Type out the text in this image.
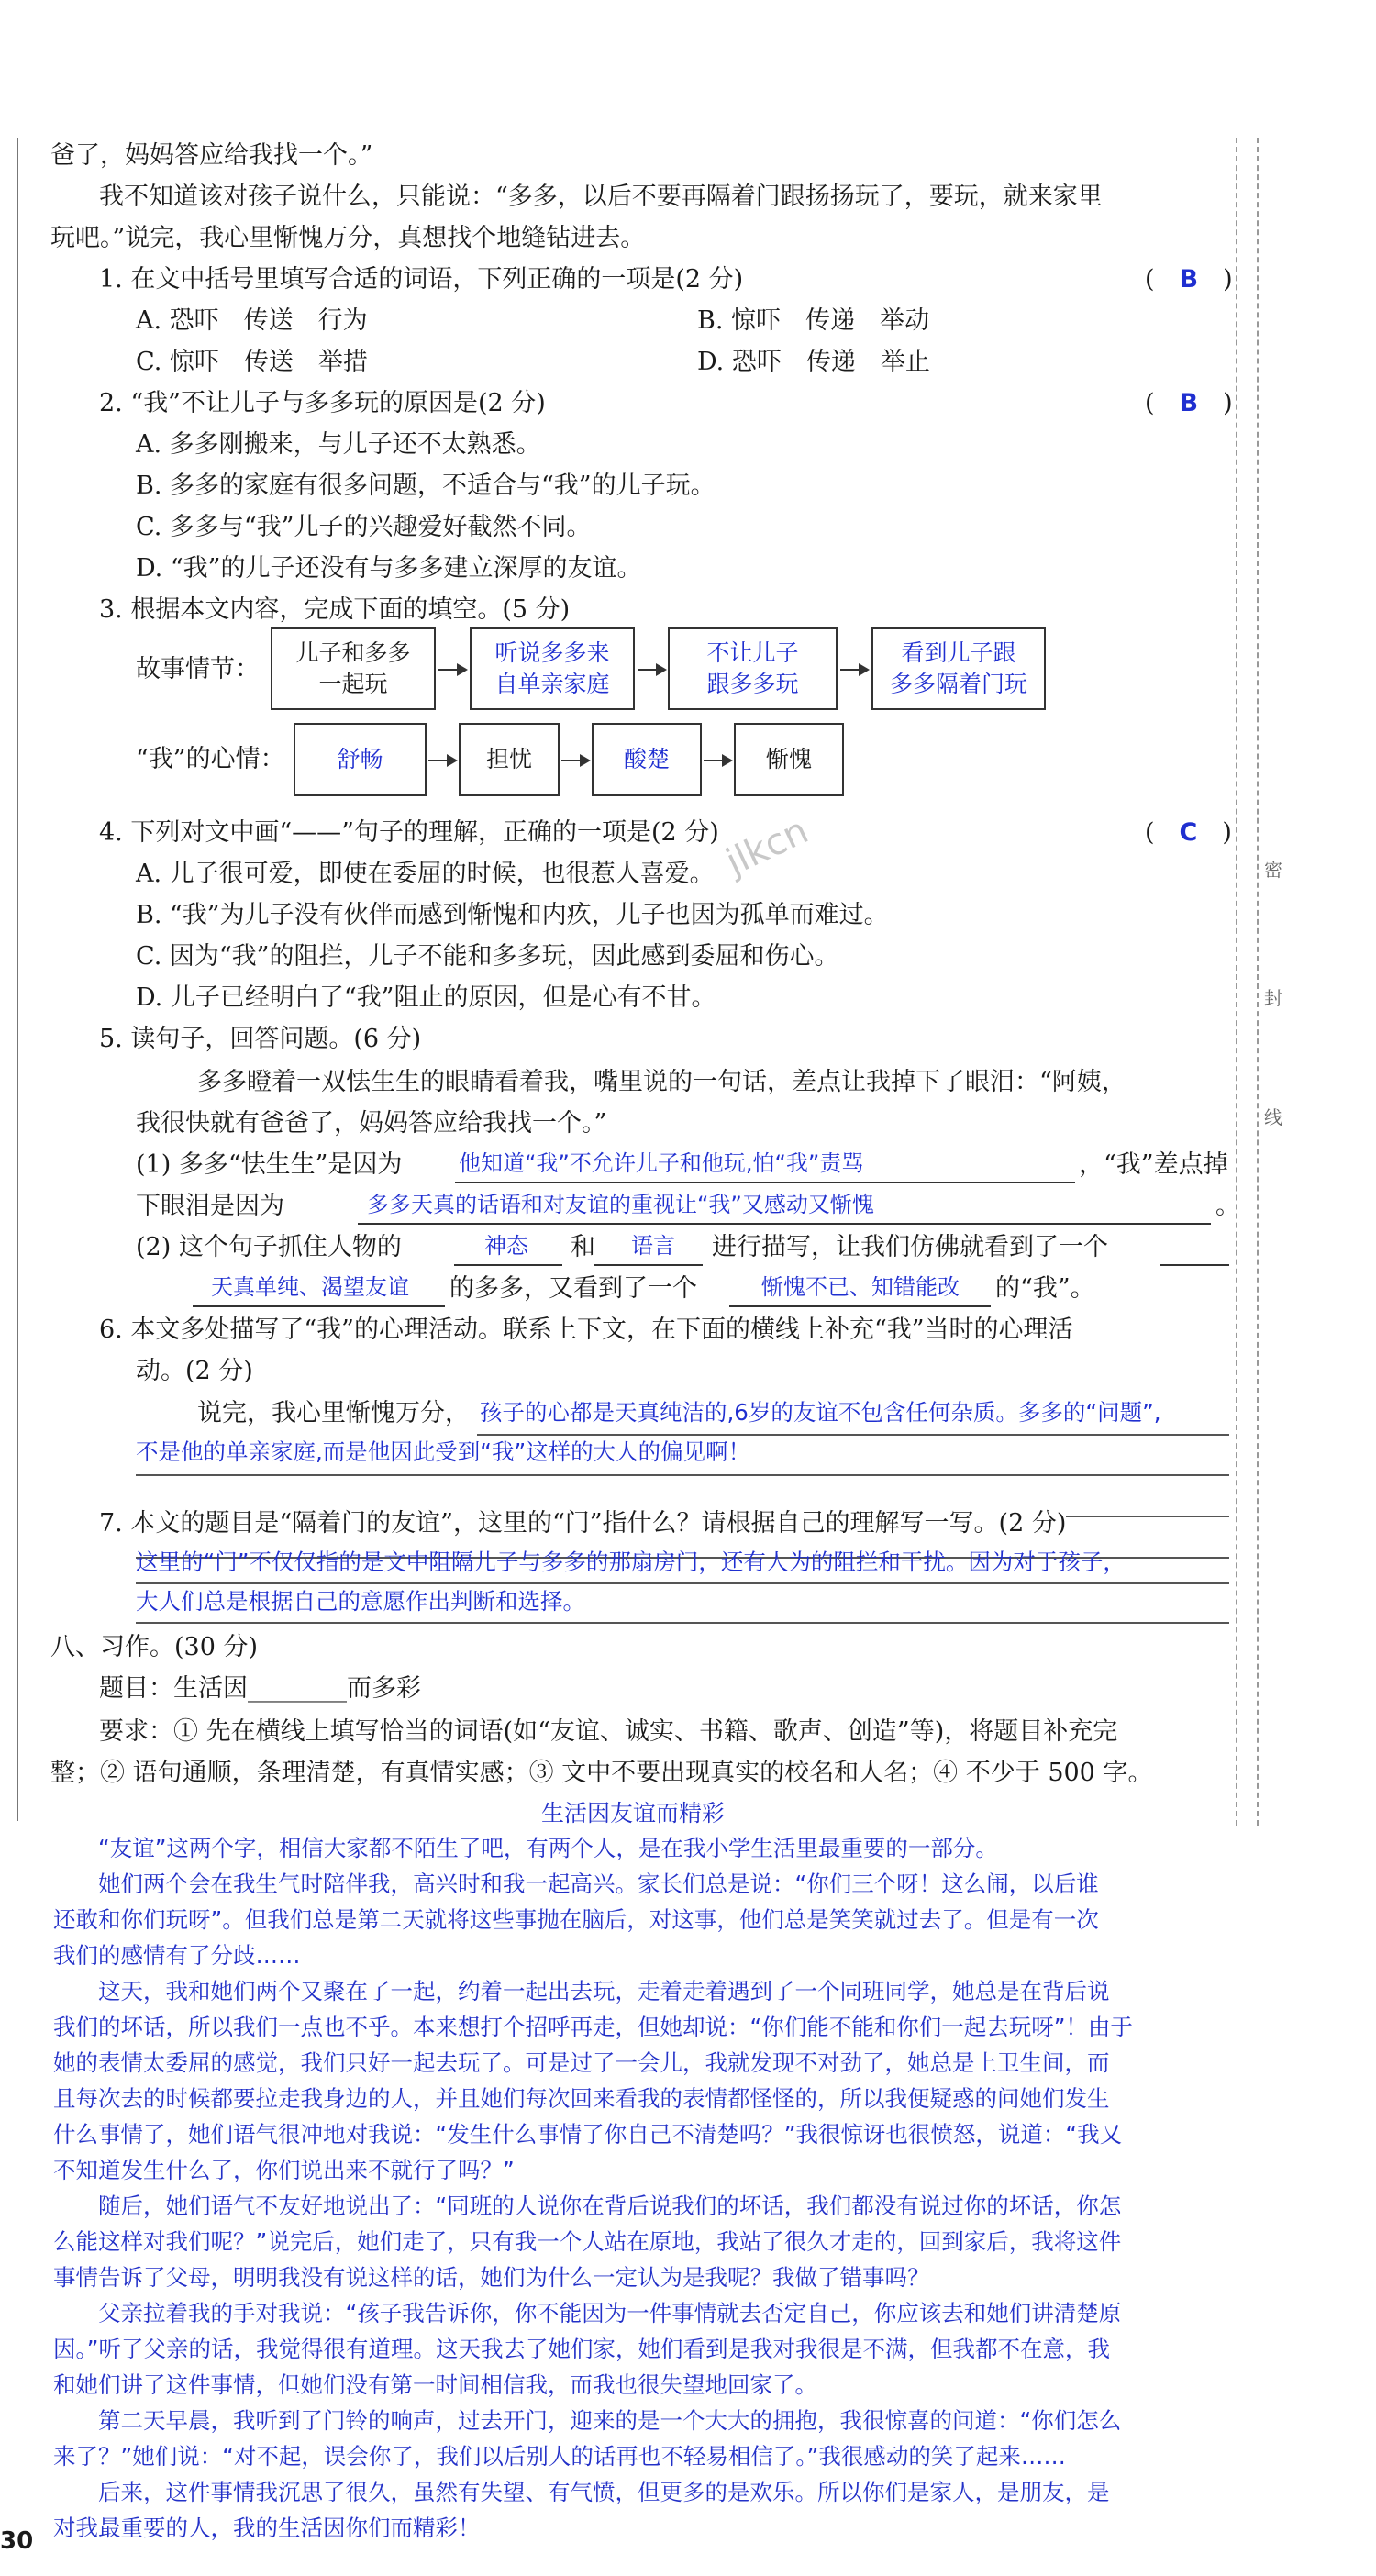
密
封
线
爸了，妈妈答应给我找一个。”
我不知道该对孩子说什么，只能说：“多多，以后不要再隔着门跟扬扬玩了，要玩，就来家里
玩吧。”说完，我心里惭愧万分，真想找个地缝钻进去。
1. 在文中括号里填写合适的词语，下列正确的一项是(2 分)	(　B　)
A. 恐吓　传送　行为	B. 惊吓　传递　举动
C. 惊吓　传送　举措	D. 恐吓　传递　举止
2. “我”不让儿子与多多玩的原因是(2 分)	(　B　)
A. 多多刚搬来，与儿子还不太熟悉。
B. 多多的家庭有很多问题，不适合与“我”的儿子玩。
C. 多多与“我”儿子的兴趣爱好截然不同。
D. “我”的儿子还没有与多多建立深厚的友谊。
3. 根据本文内容，完成下面的填空。(5 分)
故事情节：
儿子和多多
一起玩
听说多多来
自单亲家庭
不让儿子
跟多多玩
看到儿子跟
多多隔着门玩
“我”的心情：	舒畅	担忧	酸楚	惭愧
4. 下列对文中画“——”句子的理解，正确的一项是(2 分)	(　C　)
A. 儿子很可爱，即使在委屈的时候，也很惹人喜爱。
B. “我”为儿子没有伙伴而感到惭愧和内疚，儿子也因为孤单而难过。
C. 因为“我”的阻拦，儿子不能和多多玩，因此感到委屈和伤心。
D. 儿子已经明白了“我”阻止的原因，但是心有不甘。
jlkcn
5. 读句子，回答问题。(6 分)
多多瞪着一双怯生生的眼睛看着我，嘴里说的一句话，差点让我掉下了眼泪：“阿姨，
我很快就有爸爸了，妈妈答应给我找一个。”
(1) 多多“怯生生”是因为	他知道“我”不允许儿子和他玩,怕“我”责骂	，“我”差点掉
下眼泪是因为	多多天真的话语和对友谊的重视让“我”又感动又惭愧	。
(2) 这个句子抓住人物的	神态 和 语言 进行描写，让我们仿佛就看到了一个
天真单纯、渴望友谊 的多多，又看到了一个	惭愧不已、知错能改 的“我”。
6. 本文多处描写了“我”的心理活动。联系上下文，在下面的横线上补充“我”当时的心理活
动。(2 分)
说完，我心里惭愧万分， 孩子的心都是天真纯洁的,6岁的友谊不包含任何杂质。多多的“问题”,
不是他的单亲家庭,而是他因此受到“我”这样的大人的偏见啊！
7. 本文的题目是“隔着门的友谊”，这里的“门”指什么？请根据自己的理解写一写。(2 分)
这里的“门”不仅仅指的是文中阻隔儿子与多多的那扇房门，还有人为的阻拦和干扰。因为对于孩子，
大人们总是根据自己的意愿作出判断和选择。
八、习作。(30 分)
题目：生活因________而多彩
要求：① 先在横线上填写恰当的词语(如“友谊、诚实、书籍、歌声、创造”等)，将题目补充完
整；② 语句通顺，条理清楚，有真情实感；③ 文中不要出现真实的校名和人名；④ 不少于 500 字。
生活因友谊而精彩
　　“友谊”这两个字，相信大家都不陌生了吧，有两个人，是在我小学生活里最重要的一部分。
　　她们两个会在我生气时陪伴我，高兴时和我一起高兴。家长们总是说：“你们三个呀！这么闹，以后谁
还敢和你们玩呀”。但我们总是第二天就将这些事抛在脑后，对这事，他们总是笑笑就过去了。但是有一次
我们的感情有了分歧……
　　这天，我和她们两个又聚在了一起，约着一起出去玩，走着走着遇到了一个同班同学，她总是在背后说
我们的坏话，所以我们一点也不乎。本来想打个招呼再走，但她却说：“你们能不能和你们一起去玩呀”！由于
她的表情太委屈的感觉，我们只好一起去玩了。可是过了一会儿，我就发现不对劲了，她总是上卫生间，而
且每次去的时候都要拉走我身边的人，并且她们每次回来看我的表情都怪怪的，所以我便疑惑的问她们发生
什么事情了，她们语气很冲地对我说：“发生什么事情了你自己不清楚吗？”我很惊讶也很愤怒，说道：“我又
不知道发生什么了，你们说出来不就行了吗？”
　　随后，她们语气不友好地说出了：“同班的人说你在背后说我们的坏话，我们都没有说过你的坏话，你怎
么能这样对我们呢？”说完后，她们走了，只有我一个人站在原地，我站了很久才走的，回到家后，我将这件
事情告诉了父母，明明我没有说这样的话，她们为什么一定认为是我呢？我做了错事吗？
　　父亲拉着我的手对我说：“孩子我告诉你，你不能因为一件事情就去否定自己，你应该去和她们讲清楚原
因。”听了父亲的话，我觉得很有道理。这天我去了她们家，她们看到是我对我很是不满，但我都不在意，我
和她们讲了这件事情，但她们没有第一时间相信我，而我也很失望地回家了。
　　第二天早晨，我听到了门铃的响声，过去开门，迎来的是一个大大的拥抱，我很惊喜的问道：“你们怎么
来了？”她们说：“对不起，误会你了，我们以后别人的话再也不轻易相信了。”我很感动的笑了起来……
　　后来，这件事情我沉思了很久，虽然有失望、有气愤，但更多的是欢乐。所以你们是家人，是朋友，是
对我最重要的人，我的生活因你们而精彩！
30
